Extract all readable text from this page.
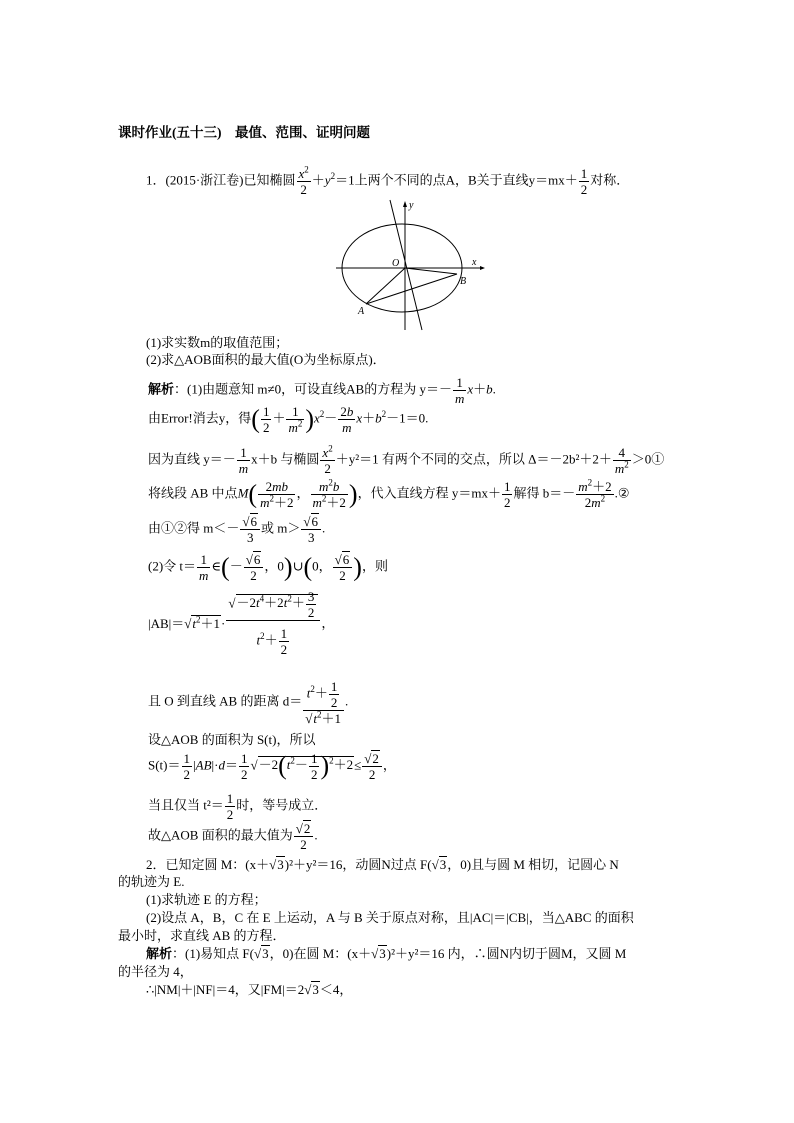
课时作业(五十三)　最值、范围、证明问题
1．(2015·浙江卷)已知椭圆 $\frac{x^2}{2} +y^2=1$上两个不同的点A，B关于直线$y=mx+ \frac{1}{2}$ 对称．
x
y
O
A
B
(1)求实数m的取值范围；
(2)求△AOB面积的最大值(O为坐标原点)．
解析：(1)由题意知 m≠0，可设直线AB的方程为 $y=- \frac{1}{m} x+b$.
由Error!消去y，得( $\frac{1}{2} + \frac{1}{m^2} )x^2- \frac{2b}{m} x+b^2-1=0$.
因为直线 $y=- \frac{1}{m} x+b$ 与椭圆 $\frac{x^2}{2} +y^2=1$ 有两个不同的交点，所以 $\Delta=-2b^2+2+ \frac{4}{m^2}$ ＞0①
将线段 AB 中点$M( \frac{2mb}{m^2+2}$ ， $\frac{m^2b}{m^2+2}$ )，代入直线方程 $y=mx+ \frac{1}{2}$ 解得 $b=- \frac{m^2+2}{2m^2}$ .②
由①②得 $m<- \frac{√6}{3}$ 或 $m> \frac{√6}{3}$ .
(2)令 $t= \frac{1}{m}$ ∈(－ $\frac{√6}{2}$ ，0)∪(0， $\frac{√6}{2}$ )，则
$|AB|=√t^2+1\cdot \frac{√-2t^4+2t^2+ \frac{3}{2}}{t^2+ \frac{1}{2}}$ ，
且 O 到直线 AB 的距离 $d= \frac{t^2+ \frac{1}{2}}{√t^2+1}$ .
设△AOB 的面积为 S(t)，所以
$S(t)= \frac{1}{2} |AB|\cdot d= \frac{1}{2} √-2(t^2- \frac{1}{2} )^2+2\le \frac{√2}{2}$ ，
当且仅当 $t^2= \frac{1}{2}$ 时，等号成立．
故△AOB 面积的最大值为 $\frac{√2}{2}$ .
2．已知定圆 M：(x＋√3)²＋y²＝16，动圆N过点 F(√3，0)且与圆 M 相切，记圆心 N
的轨迹为 E.
(1)求轨迹 E 的方程；
(2)设点 A，B，C 在 E 上运动，A 与 B 关于原点对称，且|AC|＝|CB|，当△ABC 的面积
最小时，求直线 AB 的方程．
解析：(1)易知点 F(√3，0)在圆 M：(x＋√3)²＋y²＝16 内，∴圆N内切于圆M，又圆 M
的半径为 4，
∴|NM|＋|NF|＝4，又|FM|＝2√3＜4，
